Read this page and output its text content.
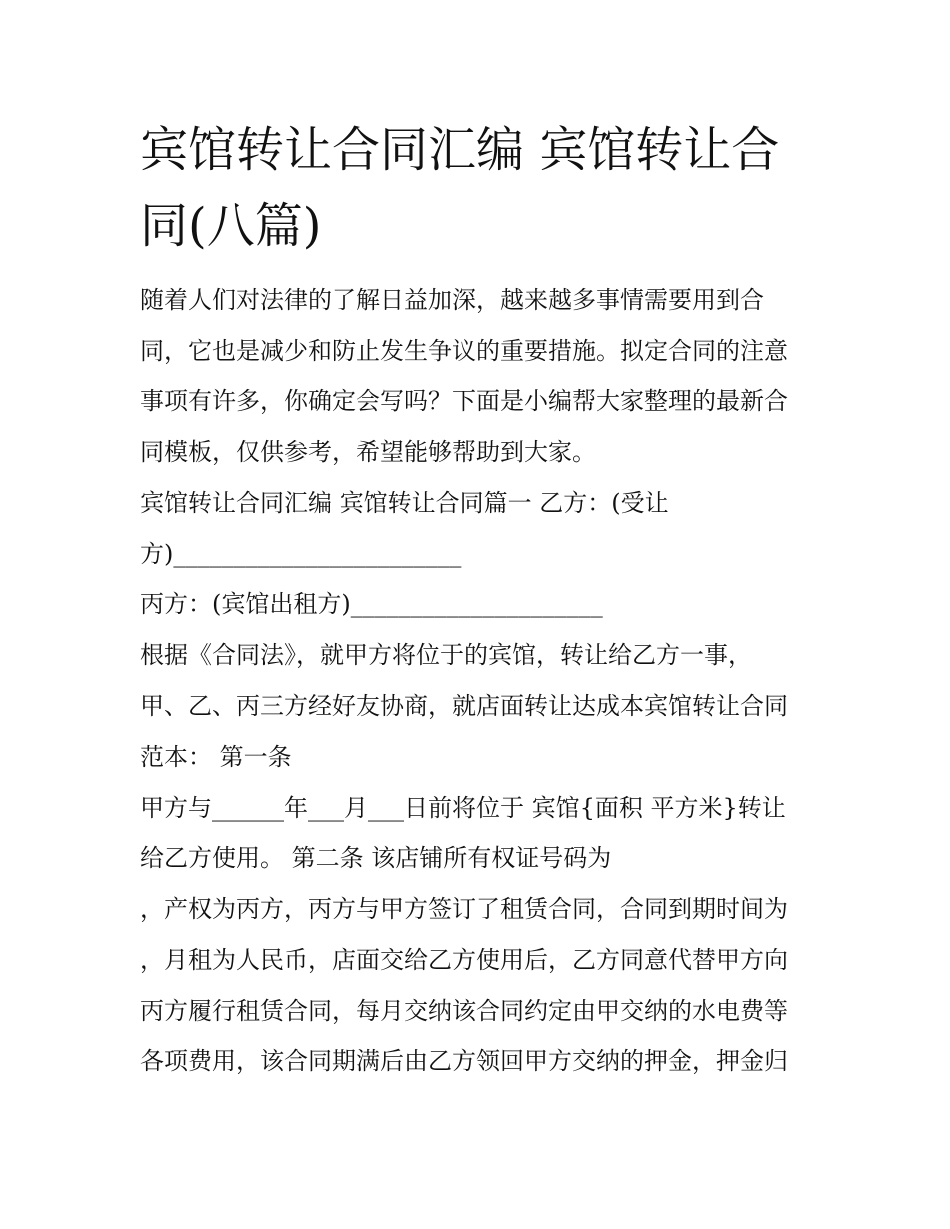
宾馆转让合同汇编 宾馆转让合
同(八篇)

随着人们对法律的了解日益加深，越来越多事情需要用到合

同，它也是减少和防止发生争议的重要措施。拟定合同的注意

事项有许多，你确定会写吗？下面是小编帮大家整理的最新合

同模板，仅供参考，希望能够帮助到大家。

宾馆转让合同汇编 宾馆转让合同篇一 乙方：(受让

方)________________________

丙方：(宾馆出租方)_____________________

根据《合同法》，就甲方将位于的宾馆，转让给乙方一事，

甲、乙、丙三方经好友协商，就店面转让达成本宾馆转让合同

范本： 第一条

甲方与______年___月___日前将位于 宾馆{面积 平方米}转让

给乙方使用。 第二条 该店铺所有权证号码为

，产权为丙方，丙方与甲方签订了租赁合同，合同到期时间为

，月租为人民币，店面交给乙方使用后，乙方同意代替甲方向

丙方履行租赁合同，每月交纳该合同约定由甲交纳的水电费等

各项费用，该合同期满后由乙方领回甲方交纳的押金，押金归
